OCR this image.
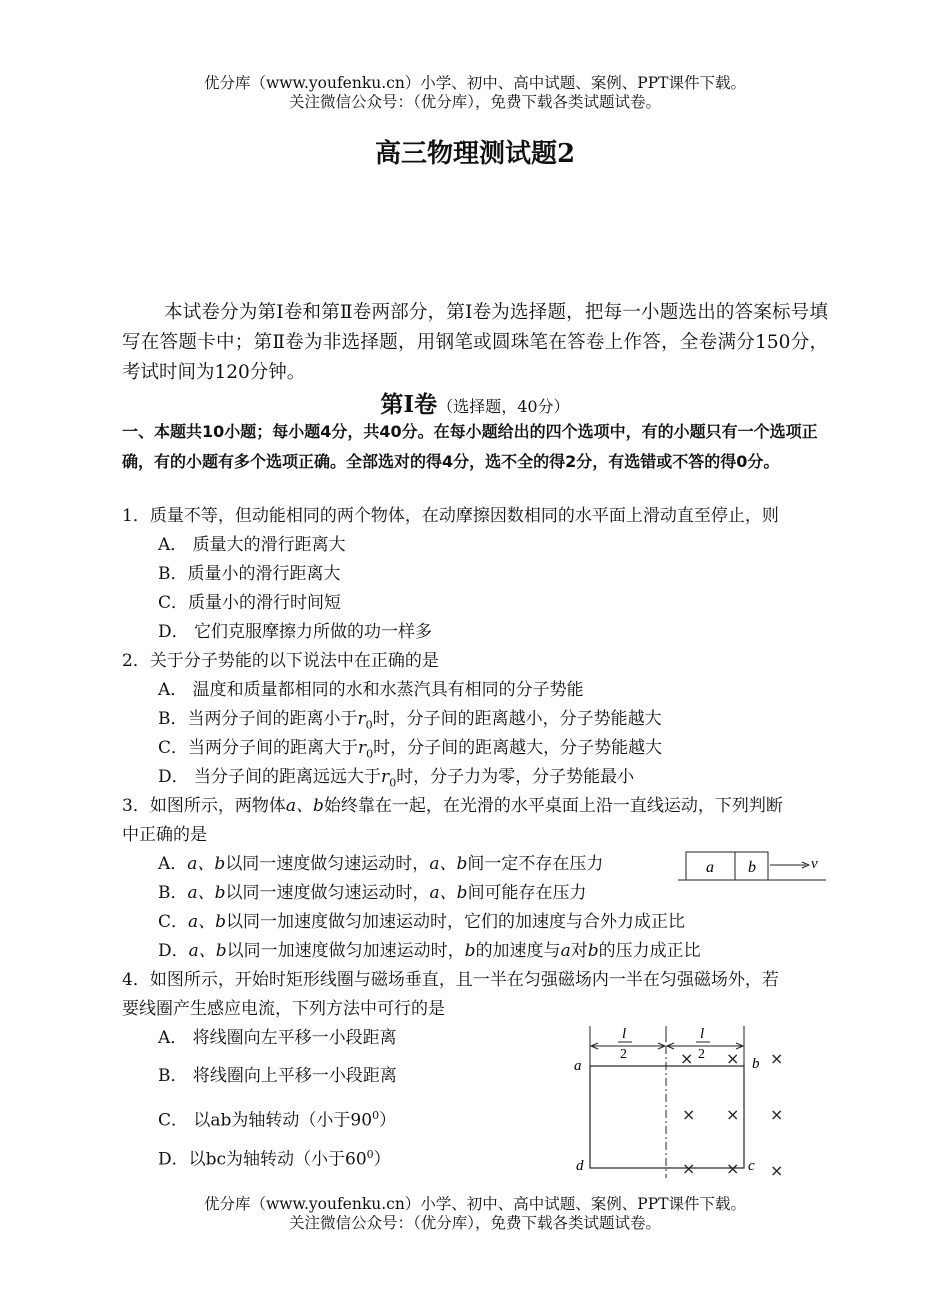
优分库（www.youfenku.cn）小学、初中、高中试题、案例、PPT课件下载。
关注微信公众号：（优分库），免费下载各类试题试卷。
高三物理测试题2
本试卷分为第Ⅰ卷和第Ⅱ卷两部分，第Ⅰ卷为选择题，把每一小题选出的答案标号填写在答题卡中；第Ⅱ卷为非选择题，用钢笔或圆珠笔在答卷上作答，全卷满分150分，考试时间为120分钟。
第Ⅰ卷（选择题，40分）
一、本题共10小题；每小题4分，共40分。在每小题给出的四个选项中，有的小题只有一个选项正确，有的小题有多个选项正确。全部选对的得4分，选不全的得2分，有选错或不答的得0分。
1．质量不等，但动能相同的两个物体，在动摩擦因数相同的水平面上滑动直至停止，则
A． 质量大的滑行距离大
B．质量小的滑行距离大
C．质量小的滑行时间短
D． 它们克服摩擦力所做的功一样多
2．关于分子势能的以下说法中在正确的是
A． 温度和质量都相同的水和水蒸汽具有相同的分子势能
B．当两分子间的距离小于$r_0$时，分子间的距离越小，分子势能越大
C．当两分子间的距离大于$r_0$时，分子间的距离越大，分子势能越大
D． 当分子间的距离远远大于$r_0$时，分子力为零，分子势能最小
3．如图所示，两物体a、b始终靠在一起，在光滑的水平桌面上沿一直线运动，下列判断
中正确的是
A．a、b以同一速度做匀速运动时，a、b间一定不存在压力
B．a、b以同一速度做匀速运动时，a、b间可能存在压力
C．a、b以同一加速度做匀加速运动时，它们的加速度与合外力成正比
D．a、b以同一加速度做匀加速运动时，b的加速度与a对b的压力成正比
a b	v
4．如图所示，开始时矩形线圈与磁场垂直，且一半在匀强磁场内一半在匀强磁场外，若
要线圈产生感应电流，下列方法中可行的是
A． 将线圈向左平移一小段距离
B． 将线圈向上平移一小段距离
C． 以ab为轴转动（小于$90^0$）
D．以bc为轴转动（小于$60^0$）
l
2
l
2
a	b
c
d
× × ×
× × ×
× × ×
优分库（www.youfenku.cn）小学、初中、高中试题、案例、PPT课件下载。
关注微信公众号：（优分库），免费下载各类试题试卷。
